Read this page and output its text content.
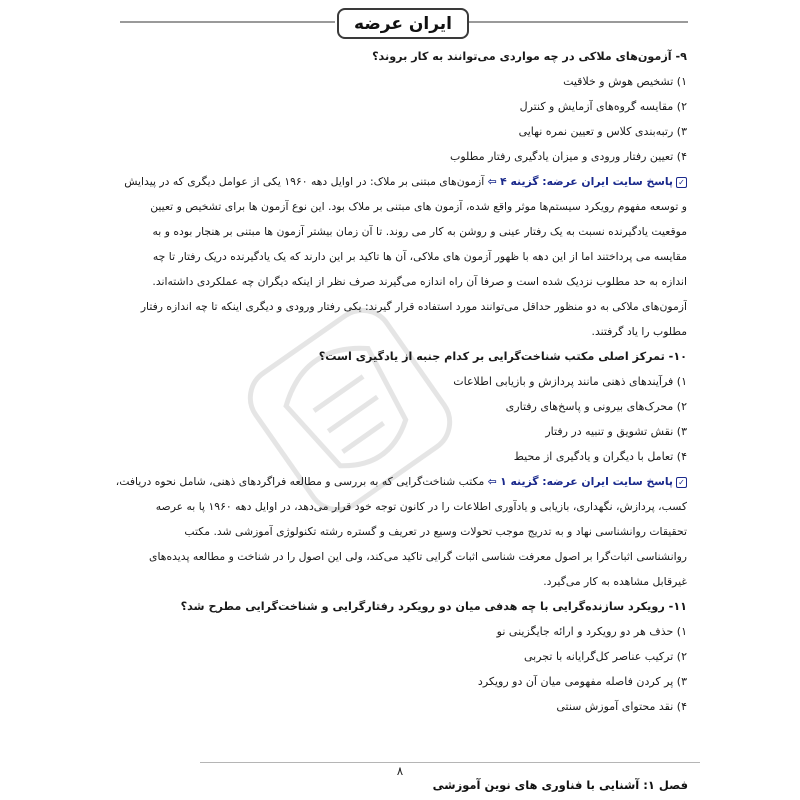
ایران عرضه
۹- آزمون‌های ملاکی در چه مواردی می‌توانند به کار بروند؟
۱) تشخیص هوش و خلاقیت
۲) مقایسه گروه‌های آزمایش و کنترل
۳) رتبه‌بندی کلاس و تعیین نمره نهایی
۴) تعیین رفتار ورودی و میزان یادگیری رفتار مطلوب
✓پاسخ سایت ایران عرضه: گزینه ۴ ⇦ آزمون‌های مبتنی بر ملاک: در اوایل دهه ۱۹۶۰ یکی از عوامل دیگری که در پیدایش
و توسعه مفهوم رویکرد سیستم‌ها موثر واقع شده، آزمون های مبتنی بر ملاک بود. این نوع آزمون ها برای تشخیص و تعیین
موقعیت یادگیرنده نسبت به یک رفتار عینی و روشن به کار می روند. تا آن زمان بیشتر آزمون ها مبتنی بر هنجار بوده و به
مقایسه می پرداختند اما از این دهه با ظهور آزمون های ملاکی، آن ها تاکید بر این دارند که یک یادگیرنده دریک رفتار تا چه
اندازه به حد مطلوب نزدیک شده است و صرفا آن راه اندازه می‌گیرند صرف نظر از اینکه دیگران چه عملکردی داشته‌اند.
آزمون‌های ملاکی به دو منظور حداقل می‌توانند مورد استفاده قرار گیرند: یکی رفتار ورودی و دیگری اینکه تا چه اندازه رفتار
مطلوب را یاد گرفتند.
۱۰- تمرکز اصلی مکتب شناخت‌گرایی بر کدام جنبه از یادگیری است؟
۱) فرآیندهای ذهنی مانند پردازش و بازیابی اطلاعات
۲) محرک‌های بیرونی و پاسخ‌های رفتاری
۳) نقش تشویق و تنبیه در رفتار
۴) تعامل با دیگران و یادگیری از محیط
✓پاسخ سایت ایران عرضه: گزینه ۱ ⇦ مکتب شناخت‌گرایی که به بررسی و مطالعه فراگردهای ذهنی، شامل نحوه دریافت،
کسب، پردازش، نگهداری، بازیابی و یادآوری اطلاعات را در کانون توجه خود قرار می‌دهد، در اوایل دهه ۱۹۶۰ پا به عرصه
تحقیقات روانشناسی نهاد و به تدریج موجب تحولات وسیع در تعریف و گستره رشته تکنولوژی آموزشی شد. مکتب
روانشناسی اثبات‌گرا بر اصول معرفت شناسی اثبات گرایی تاکید می‌کند، ولی این اصول را در شناخت و مطالعه پدیده‌های
غیرقابل مشاهده به کار می‌گیرد.
۱۱- رویکرد سازنده‌گرایی با چه هدفی میان دو رویکرد رفتارگرایی و شناخت‌گرایی مطرح شد؟
۱) حذف هر دو رویکرد و ارائه جایگزینی نو
۲) ترکیب عناصر کل‌گرایانه با تجربی
۳) پر کردن فاصله مفهومی میان آن دو رویکرد
۴) نقد محتوای آموزش سنتی
۸
فصل ۱: آشنایی با فناوری های نوین آموزشی
